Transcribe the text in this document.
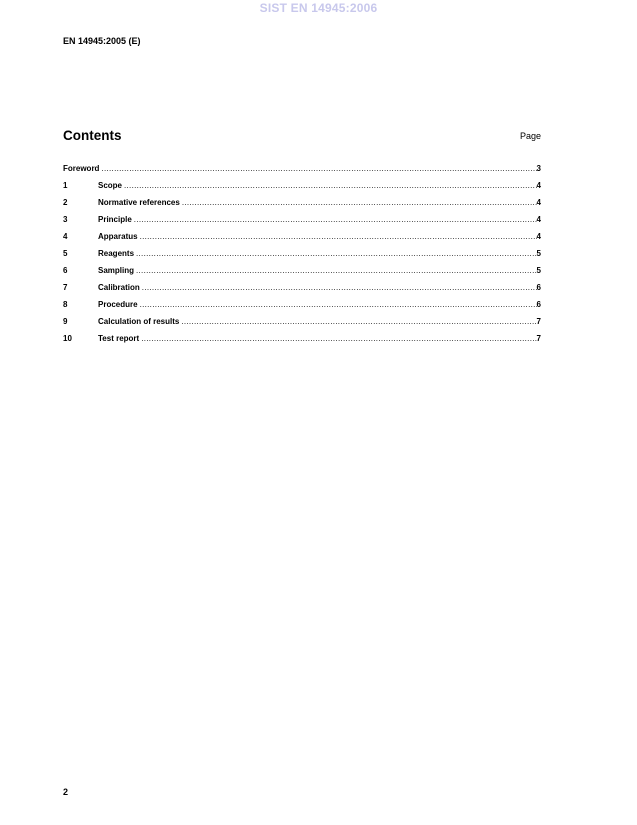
SIST EN 14945:2006
EN 14945:2005 (E)
Contents	Page
Foreword .....	3
1	Scope .....	4
2	Normative references .....	4
3	Principle .....	4
4	Apparatus .....	4
5	Reagents .....	5
6	Sampling .....	5
7	Calibration .....	6
8	Procedure .....	6
9	Calculation of results .....	7
10	Test report .....	7
2
